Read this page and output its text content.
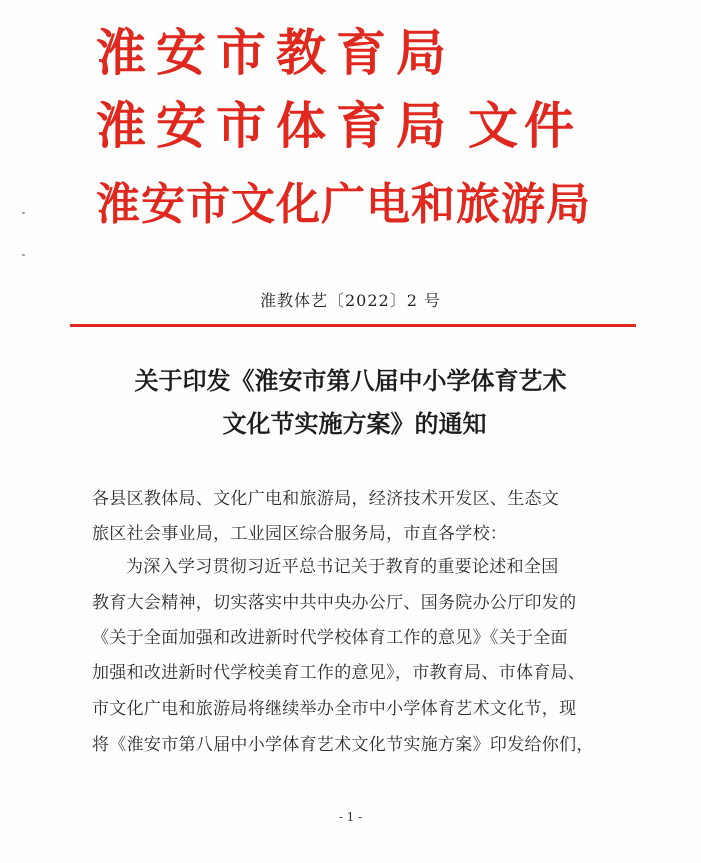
淮安市教育局
淮安市体育局 文件
淮安市文化广电和旅游局
淮教体艺〔2022〕2 号
关于印发《淮安市第八届中小学体育艺术
文化节实施方案》的通知
各县区教体局、文化广电和旅游局，经济技术开发区、生态文
旅区社会事业局，工业园区综合服务局，市直各学校：
为深入学习贯彻习近平总书记关于教育的重要论述和全国
教育大会精神，切实落实中共中央办公厅、国务院办公厅印发的
《关于全面加强和改进新时代学校体育工作的意见》《关于全面
加强和改进新时代学校美育工作的意见》，市教育局、市体育局、
市文化广电和旅游局将继续举办全市中小学体育艺术文化节，现
将《淮安市第八届中小学体育艺术文化节实施方案》印发给你们，
- 1 -
